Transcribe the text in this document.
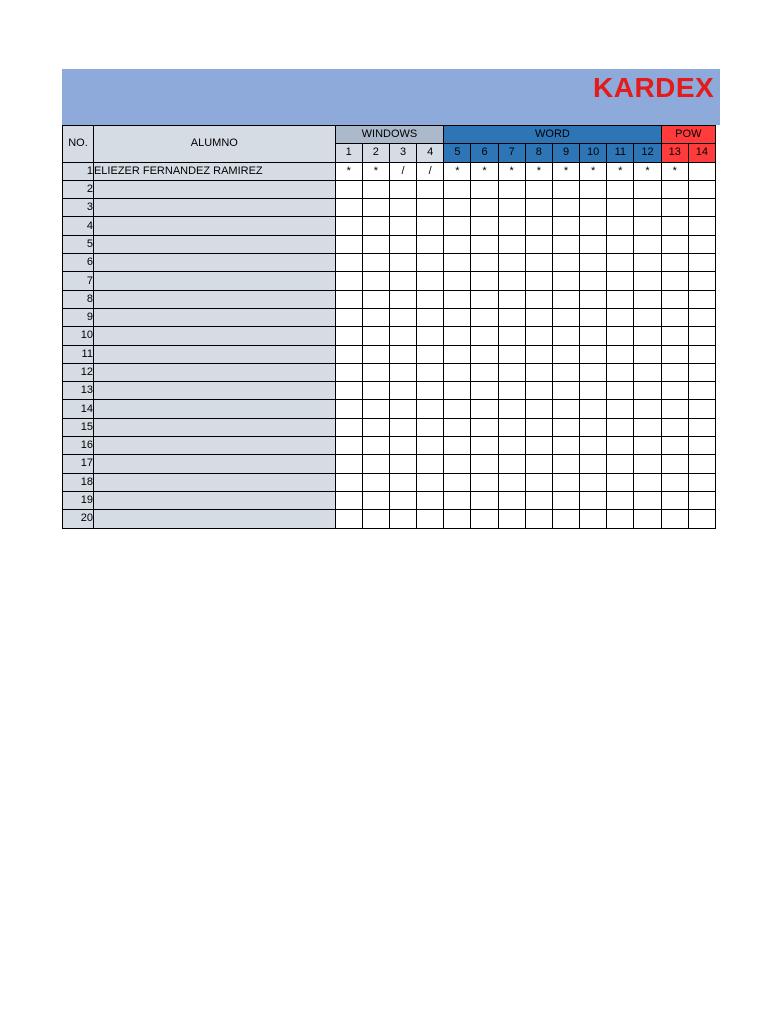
KARDEX
NO.	ALUMNO	WINDOWS				WORD								POW	
		1	2	3	4	5	6	7	8	9	10	11	12	13	14
1	ELIEZER FERNANDEZ RAMIREZ	*	*	/	/	*	*	*	*	*	*	*	*	*	
2															
3															
4															
5															
6															
7															
8															
9															
10															
11															
12															
13															
14															
15															
16															
17															
18															
19															
20															
